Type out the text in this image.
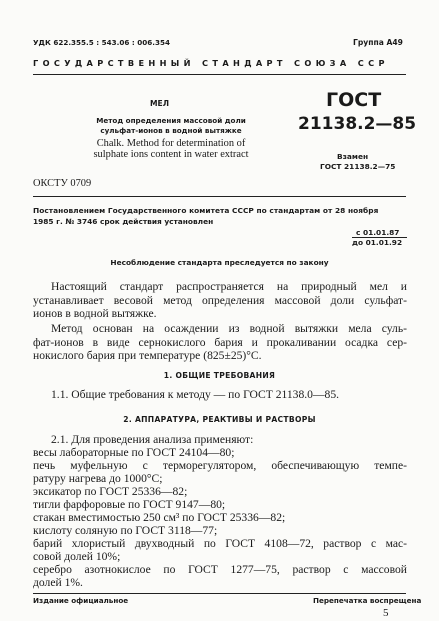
УДК 622.355.5 : 543.06 : 006.354	Группа А49
ГОСУДАРСТВЕННЫЙ СТАНДАРТ СОЮЗА ССР
МЕЛ
Метод определения массовой доли
сульфат-ионов в водной вытяжке
Chalk. Method for determination of
sulphate ions content in water extract
ГОСТ
21138.2—85
Взамен
ГОСТ 21138.2—75
ОКСТУ 0709
Постановлением Государственного комитета СССР по стандартам от 28 ноября
1985 г. № 3746 срок действия установлен
с 01.01.87
до 01.01.92
Несоблюдение стандарта преследуется по закону
Настоящий стандарт распространяется на природный мел и
устанавливает весовой метод определения массовой доли сульфат-
ионов в водной вытяжке.
Метод основан на осаждении из водной вытяжки мела суль-
фат-ионов в виде сернокислого бария и прокаливании осадка сер-
нокислого бария при температуре (825±25)°С.
1. ОБЩИЕ ТРЕБОВАНИЯ
1.1. Общие требования к методу — по ГОСТ 21138.0—85.
2. АППАРАТУРА, РЕАКТИВЫ И РАСТВОРЫ
2.1. Для проведения анализа применяют:
весы лабораторные по ГОСТ 24104—80;
печь муфельную с терморегулятором, обеспечивающую темпе-
ратуру нагрева до 1000°С;
эксикатор по ГОСТ 25336—82;
тигли фарфоровые по ГОСТ 9147—80;
стакан вместимостью 250 см³ по ГОСТ 25336—82;
кислоту соляную по ГОСТ 3118—77;
барий хлористый двухводный по ГОСТ 4108—72, раствор с мас-
совой долей 10%;
серебро азотнокислое по ГОСТ 1277—75, раствор с массовой
долей 1%.
Издание официальное	Перепечатка воспрещена
5
